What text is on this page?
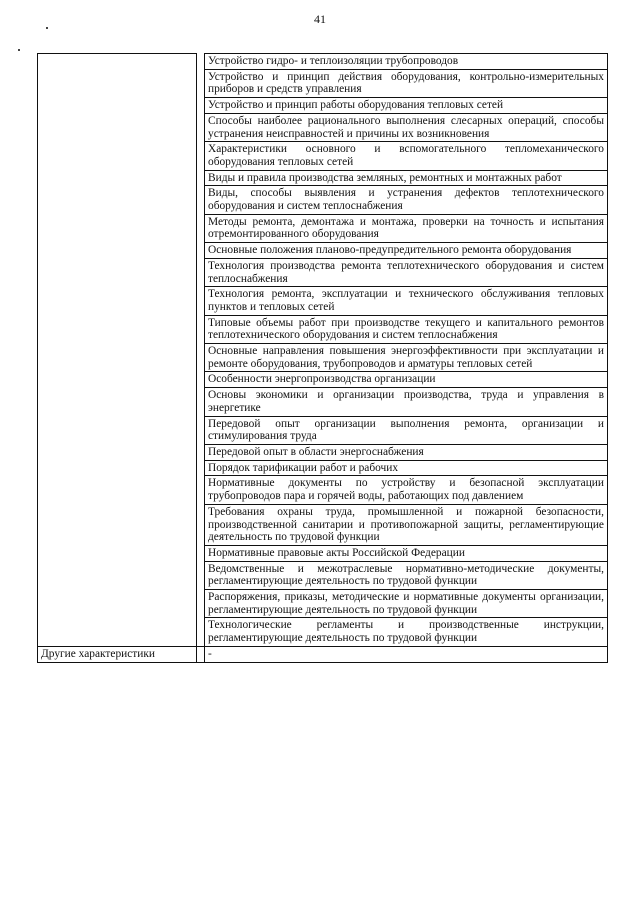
41
		Устройство гидро- и теплоизоляции трубопроводов
		Устройство и принцип действия оборудования, контрольно-измерительных приборов и средств управления
		Устройство и принцип работы оборудования тепловых сетей
		Способы наиболее рационального выполнения слесарных операций, способы устранения неисправностей и причины их возникновения
		Характеристики основного и вспомогательного тепломеханического оборудования тепловых сетей
		Виды и правила производства земляных, ремонтных и монтажных работ
		Виды, способы выявления и устранения дефектов теплотехнического оборудования и систем теплоснабжения
		Методы ремонта, демонтажа и монтажа, проверки на точность и испытания отремонтированного оборудования
		Основные положения планово-предупредительного ремонта оборудования
		Технология производства ремонта теплотехнического оборудования и систем теплоснабжения
		Технология ремонта, эксплуатации и технического обслуживания тепловых пунктов и тепловых сетей
		Типовые объемы работ при производстве текущего и капитального ремонтов теплотехнического оборудования и систем теплоснабжения
		Основные направления повышения энергоэффективности при эксплуатации и ремонте оборудования, трубопроводов и арматуры тепловых сетей
		Особенности энергопроизводства организации
		Основы экономики и организации производства, труда и управления в энергетике
		Передовой опыт организации выполнения ремонта, организации и стимулирования труда
		Передовой опыт в области энергоснабжения
		Порядок тарификации работ и рабочих
		Нормативные документы по устройству и безопасной эксплуатации трубопроводов пара и горячей воды, работающих под давлением
		Требования охраны труда, промышленной и пожарной безопасности, производственной санитарии и противопожарной защиты, регламентирующие деятельность по трудовой функции
		Нормативные правовые акты Российской Федерации
		Ведомственные и межотраслевые нормативно-методические документы, регламентирующие деятельность по трудовой функции
		Распоряжения, приказы, методические и нормативные документы организации, регламентирующие деятельность по трудовой функции
		Технологические регламенты и производственные инструкции, регламентирующие деятельность по трудовой функции
Другие характеристики		-
